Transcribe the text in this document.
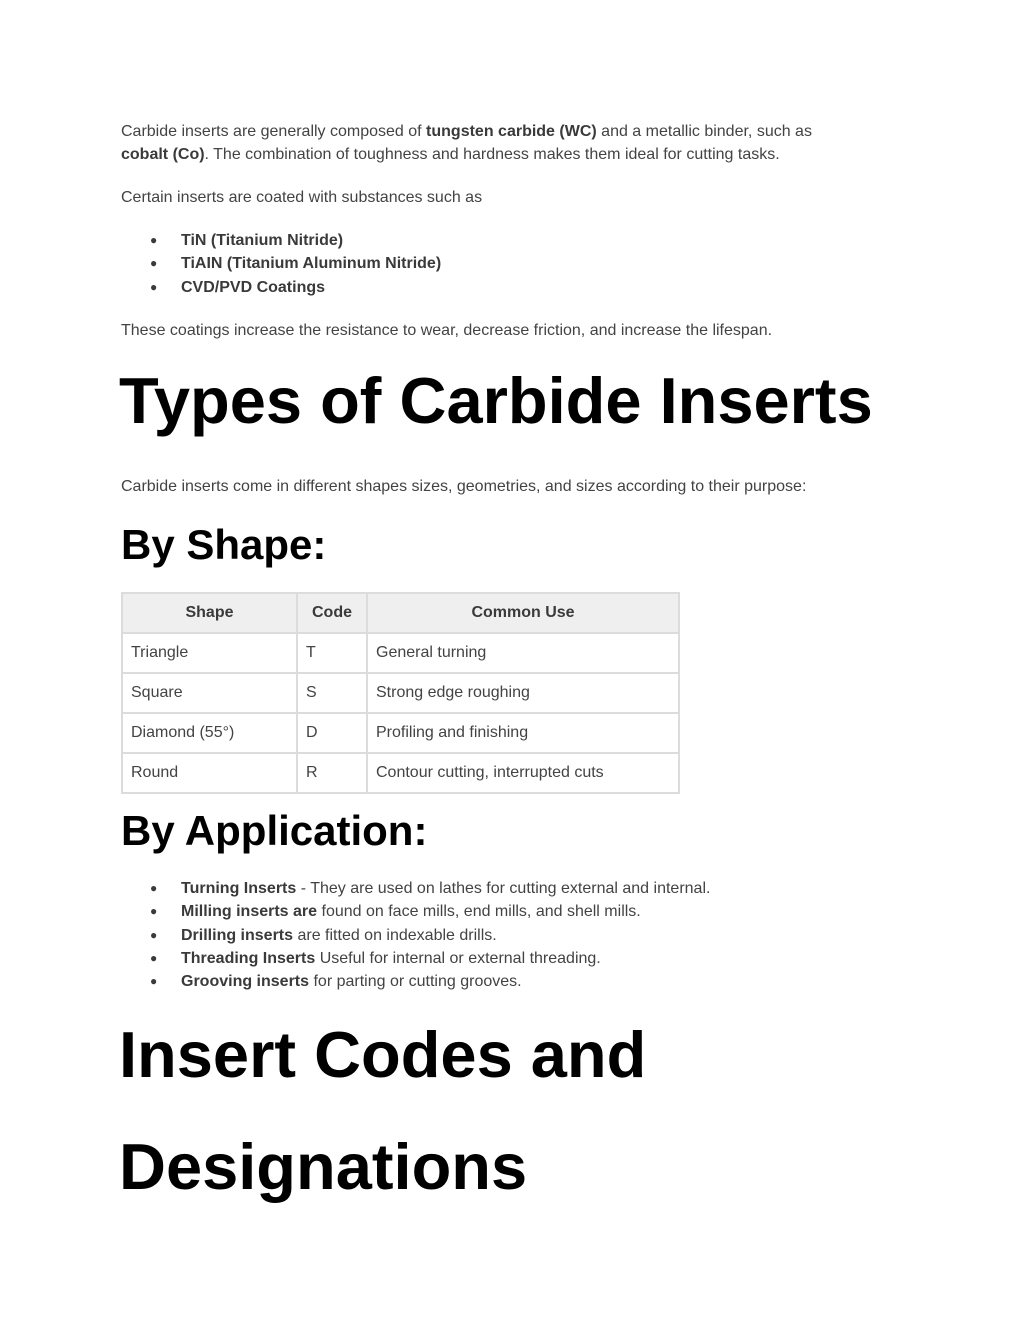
Carbide inserts are generally composed of tungsten carbide (WC) and a metallic binder, such as
cobalt (Co). The combination of toughness and hardness makes them ideal for cutting tasks.

Certain inserts are coated with substances such as

● TiN (Titanium Nitride)
● TiAIN (Titanium Aluminum Nitride)
● CVD/PVD Coatings

These coatings increase the resistance to wear, decrease friction, and increase the lifespan.

Types of Carbide Inserts

Carbide inserts come in different shapes sizes, geometries, and sizes according to their purpose:

By Shape:
Shape	Code	Common Use
Triangle	T	General turning
Square	S	Strong edge roughing
Diamond (55°)	D	Profiling and finishing
Round	R	Contour cutting, interrupted cuts
By Application:
● Turning Inserts - They are used on lathes for cutting external and internal.
● Milling inserts are found on face mills, end mills, and shell mills.
● Drilling inserts are fitted on indexable drills.
● Threading Inserts Useful for internal or external threading.
● Grooving inserts for parting or cutting grooves.
Insert Codes and
Designations
